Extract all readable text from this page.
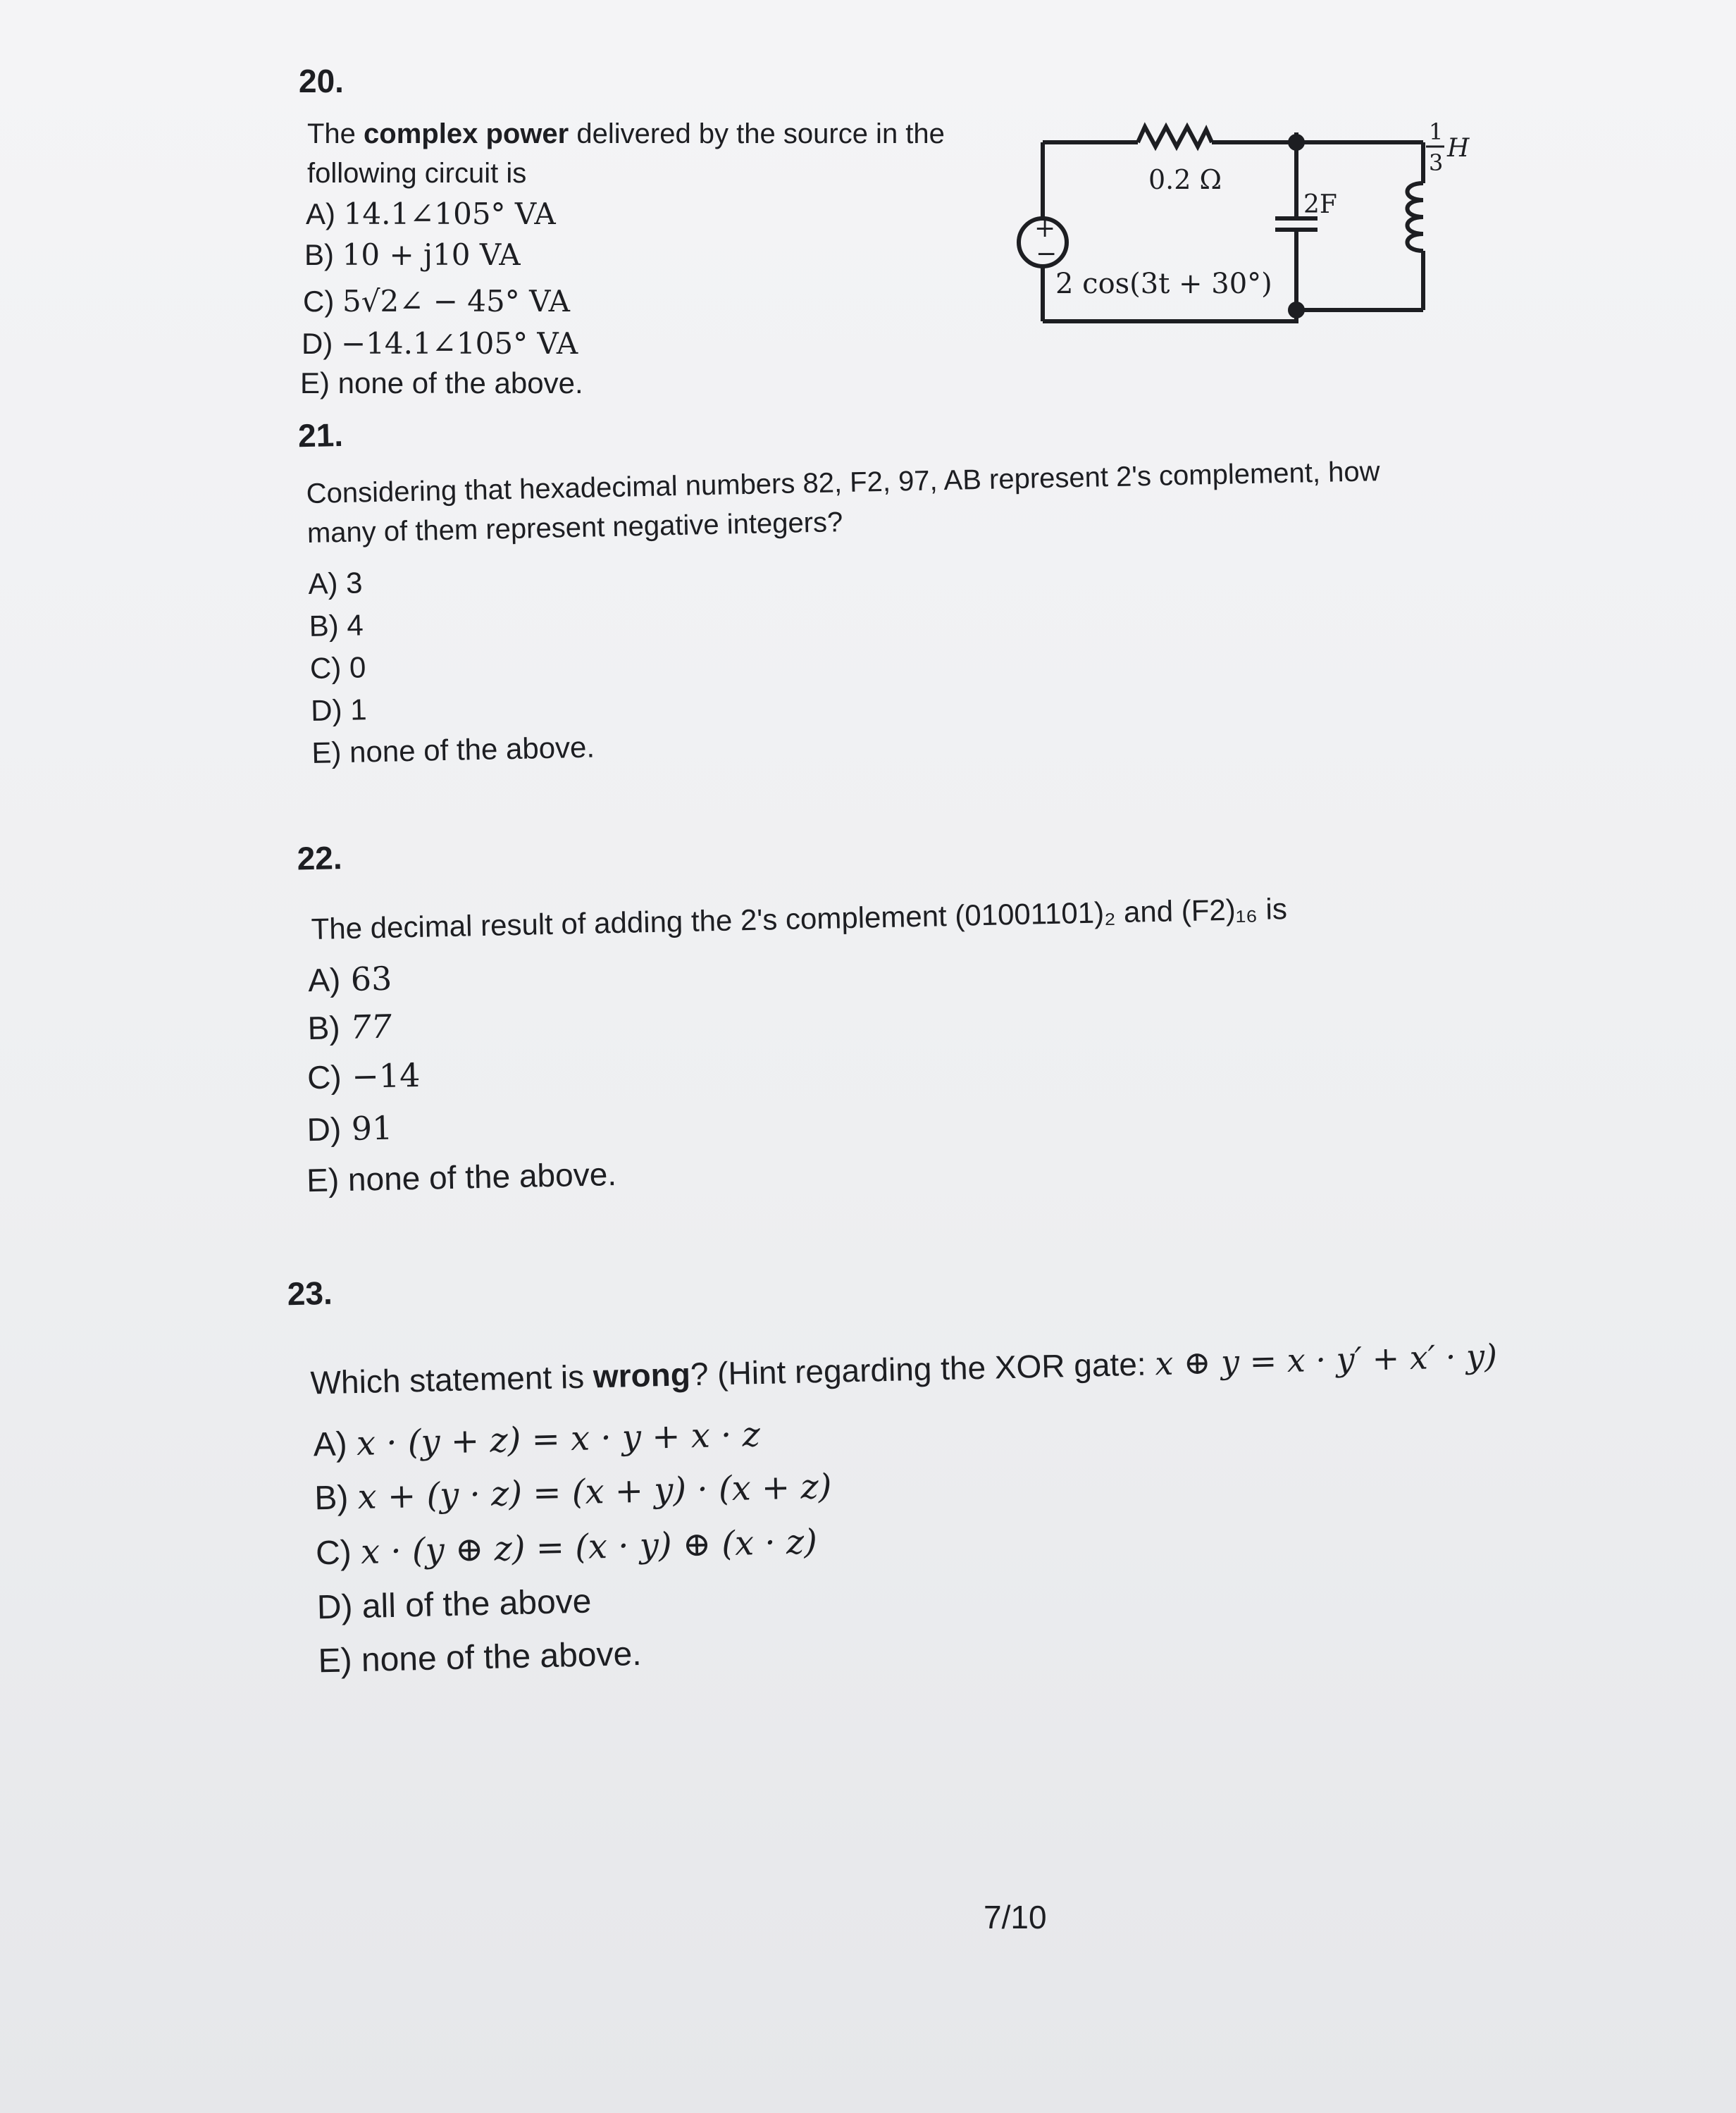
20.
The complex power delivered by the source in the
following circuit is
A) 14.1∠105° VA
B) 10 + j10 VA
C) 5√2∠ − 45° VA
D) −14.1∠105° VA
E) none of the above.
+
−
0.2 Ω
2F
1
3 H
2 cos(3t + 30°)
21.
Considering that hexadecimal numbers 82, F2, 97, AB represent 2's complement, how
many of them represent negative integers?
A) 3
B) 4
C) 0
D) 1
E) none of the above.
22.
The decimal result of adding the 2's complement (01001101)₂ and (F2)₁₆ is
A) 63
B) 77
C) −14
D) 91
E) none of the above.
23.
Which statement is wrong? (Hint regarding the XOR gate: x ⊕ y = x · y′ + x′ · y)
A) x · (y + z) = x · y + x · z
B) x + (y · z) = (x + y) · (x + z)
C) x · (y ⊕ z) = (x · y) ⊕ (x · z)
D) all of the above
E) none of the above.
7/10
